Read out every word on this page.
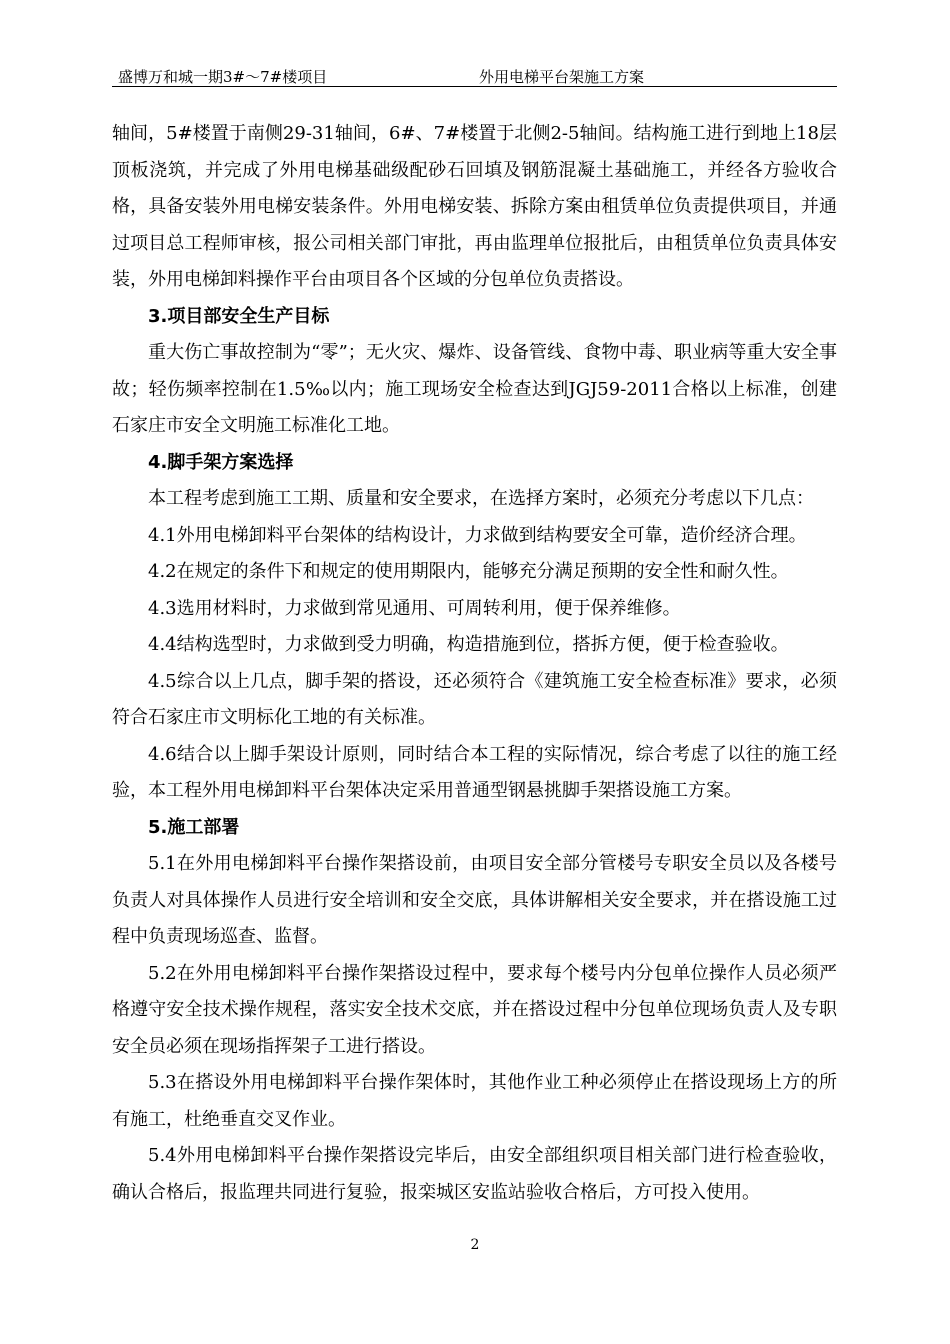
盛博万和城一期3#～7#楼项目	外用电梯平台架施工方案

轴间，5#楼置于南侧29-31轴间，6#、7#楼置于北侧2-5轴间。结构施工进行到地上18层顶板浇筑，并完成了外用电梯基础级配砂石回填及钢筋混凝土基础施工，并经各方验收合格，具备安装外用电梯安装条件。外用电梯安装、拆除方案由租赁单位负责提供项目，并通过项目总工程师审核，报公司相关部门审批，再由监理单位报批后，由租赁单位负责具体安装，外用电梯卸料操作平台由项目各个区域的分包单位负责搭设。

3.项目部安全生产目标

重大伤亡事故控制为“零”；无火灾、爆炸、设备管线、食物中毒、职业病等重大安全事故；轻伤频率控制在1.5‰以内；施工现场安全检查达到JGJ59-2011合格以上标准，创建石家庄市安全文明施工标准化工地。

4.脚手架方案选择

本工程考虑到施工工期、质量和安全要求，在选择方案时，必须充分考虑以下几点：

4.1外用电梯卸料平台架体的结构设计，力求做到结构要安全可靠，造价经济合理。

4.2在规定的条件下和规定的使用期限内，能够充分满足预期的安全性和耐久性。

4.3选用材料时，力求做到常见通用、可周转利用，便于保养维修。

4.4结构选型时，力求做到受力明确，构造措施到位，搭拆方便，便于检查验收。

4.5综合以上几点，脚手架的搭设，还必须符合《建筑施工安全检查标准》要求，必须符合石家庄市文明标化工地的有关标准。

4.6结合以上脚手架设计原则，同时结合本工程的实际情况，综合考虑了以往的施工经验，本工程外用电梯卸料平台架体决定采用普通型钢悬挑脚手架搭设施工方案。

5.施工部署

5.1在外用电梯卸料平台操作架搭设前，由项目安全部分管楼号专职安全员以及各楼号负责人对具体操作人员进行安全培训和安全交底，具体讲解相关安全要求，并在搭设施工过程中负责现场巡查、监督。

5.2在外用电梯卸料平台操作架搭设过程中，要求每个楼号内分包单位操作人员必须严格遵守安全技术操作规程，落实安全技术交底，并在搭设过程中分包单位现场负责人及专职安全员必须在现场指挥架子工进行搭设。

5.3在搭设外用电梯卸料平台操作架体时，其他作业工种必须停止在搭设现场上方的所有施工，杜绝垂直交叉作业。

5.4外用电梯卸料平台操作架搭设完毕后，由安全部组织项目相关部门进行检查验收，确认合格后，报监理共同进行复验，报栾城区安监站验收合格后，方可投入使用。

2
